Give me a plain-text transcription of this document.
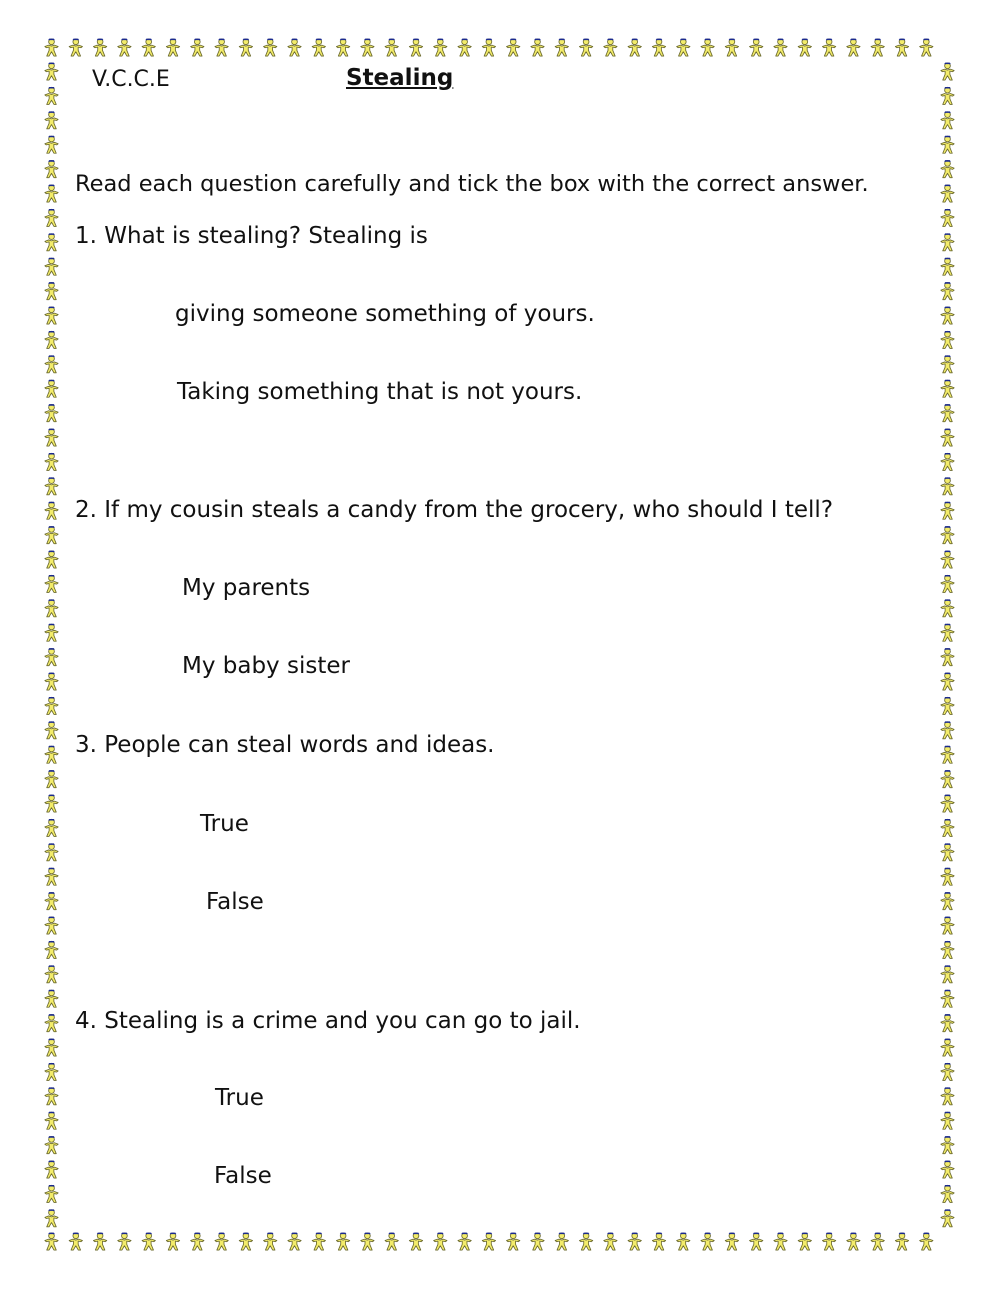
V.C.C.E	Stealing
Read each question carefully and tick the box with the correct answer.
1. What is stealing? Stealing is
giving someone something of yours.
Taking something that is not yours.
2. If my cousin steals a candy from the grocery, who should I tell?
My parents
My baby sister
3. People can steal words and ideas.
True
False
4. Stealing is a crime and you can go to jail.
True
False
